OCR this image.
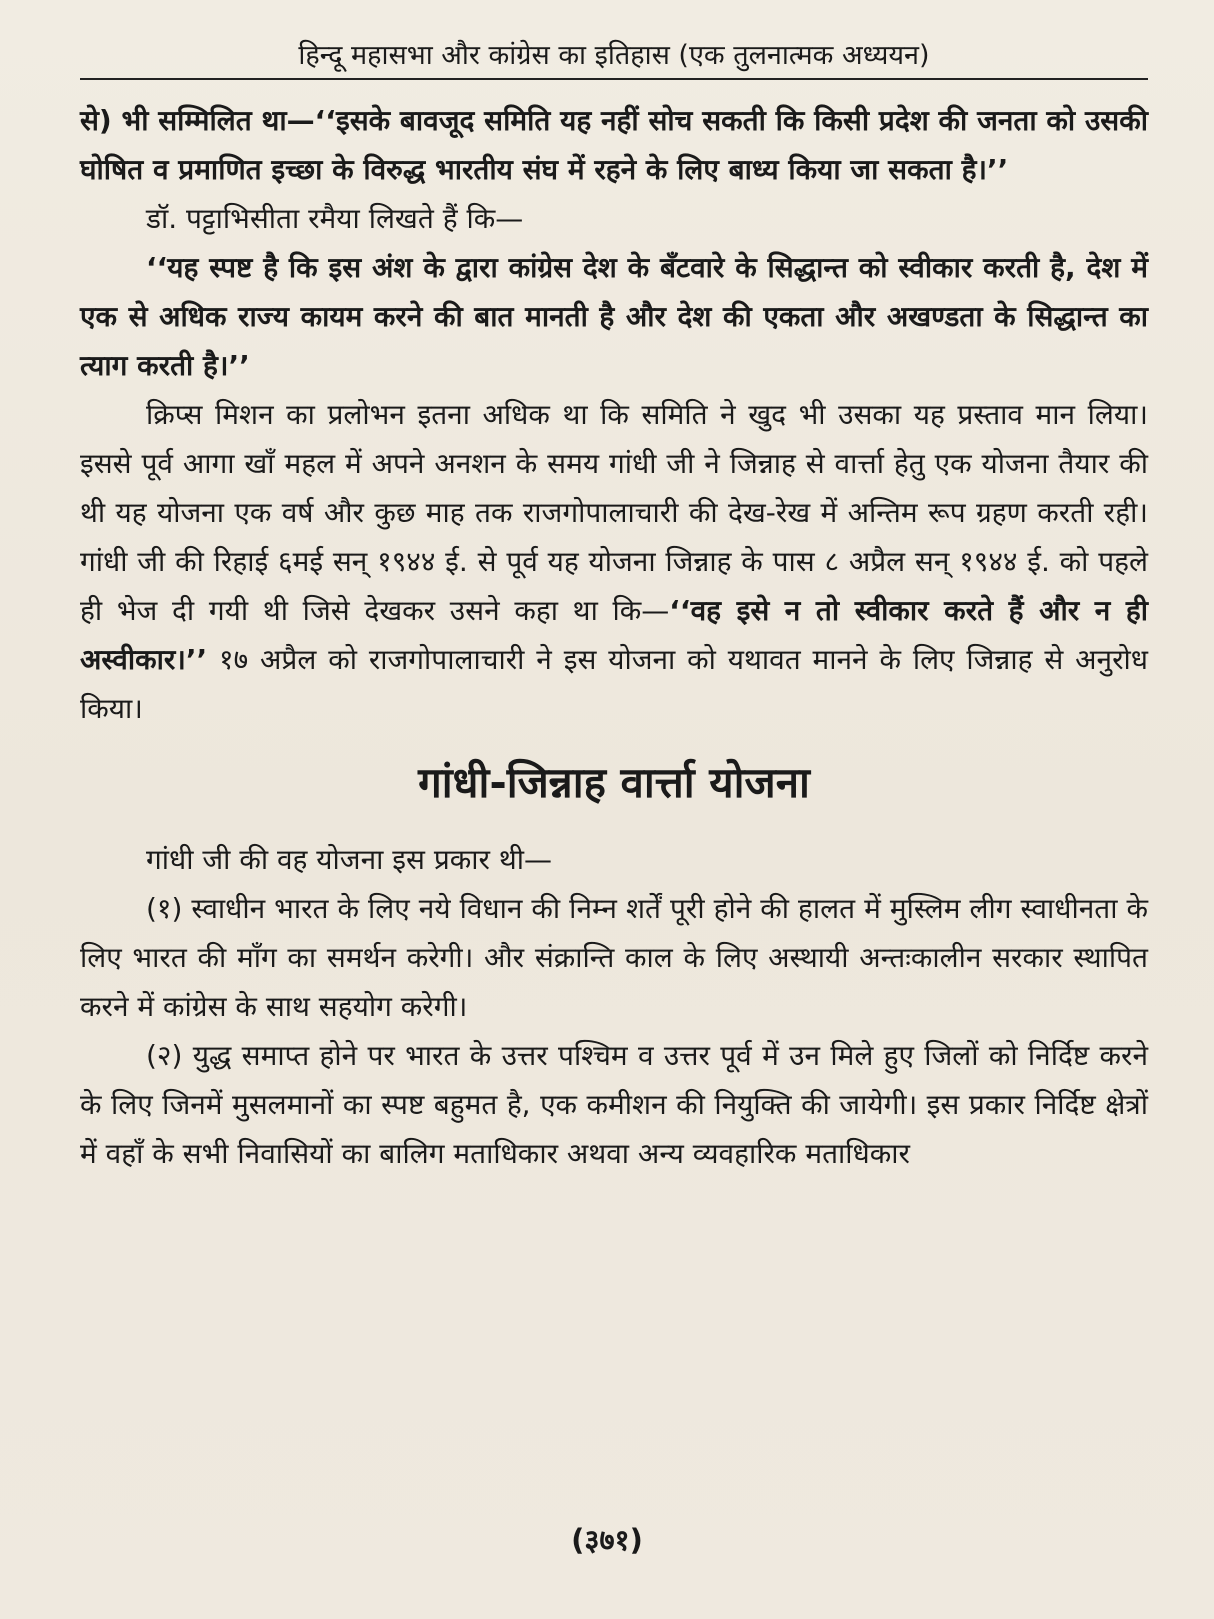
हिन्दू महासभा और कांग्रेस का इतिहास (एक तुलनात्मक अध्ययन)

से) भी सम्मिलित था—‘‘इसके बावजूद समिति यह नहीं सोच सकती कि किसी प्रदेश की जनता को उसकी घोषित व प्रमाणित इच्छा के विरुद्ध भारतीय संघ में रहने के लिए बाध्य किया जा सकता है।’’

डॉ. पट्टाभिसीता रमैया लिखते हैं कि—

‘‘यह स्पष्ट है कि इस अंश के द्वारा कांग्रेस देश के बँटवारे के सिद्धान्त को स्वीकार करती है, देश में एक से अधिक राज्य कायम करने की बात मानती है और देश की एकता और अखण्डता के सिद्धान्त का त्याग करती है।’’

क्रिप्स मिशन का प्रलोभन इतना अधिक था कि समिति ने खुद भी उसका यह प्रस्ताव मान लिया। इससे पूर्व आगा खाँ महल में अपने अनशन के समय गांधी जी ने जिन्नाह से वार्त्ता हेतु एक योजना तैयार की थी यह योजना एक वर्ष और कुछ माह तक राजगोपालाचारी की देख-रेख में अन्तिम रूप ग्रहण करती रही। गांधी जी की रिहाई ६मई सन् १९४४ ई. से पूर्व यह योजना जिन्नाह के पास ८ अप्रैल सन् १९४४ ई. को पहले ही भेज दी गयी थी जिसे देखकर उसने कहा था कि—‘‘वह इसे न तो स्वीकार करते हैं और न ही अस्वीकार।’’ १७ अप्रैल को राजगोपालाचारी ने इस योजना को यथावत मानने के लिए जिन्नाह से अनुरोध किया।

गांधी-जिन्नाह वार्त्ता योजना

गांधी जी की वह योजना इस प्रकार थी—

(१) स्वाधीन भारत के लिए नये विधान की निम्न शर्तें पूरी होने की हालत में मुस्लिम लीग स्वाधीनता के लिए भारत की माँग का समर्थन करेगी। और संक्रान्ति काल के लिए अस्थायी अन्तःकालीन सरकार स्थापित करने में कांग्रेस के साथ सहयोग करेगी।

(२) युद्ध समाप्त होने पर भारत के उत्तर पश्चिम व उत्तर पूर्व में उन मिले हुए जिलों को निर्दिष्ट करने के लिए जिनमें मुसलमानों का स्पष्ट बहुमत है, एक कमीशन की नियुक्ति की जायेगी। इस प्रकार निर्दिष्ट क्षेत्रों में वहाँ के सभी निवासियों का बालिग मताधिकार अथवा अन्य व्यवहारिक मताधिकार

(३७१)
